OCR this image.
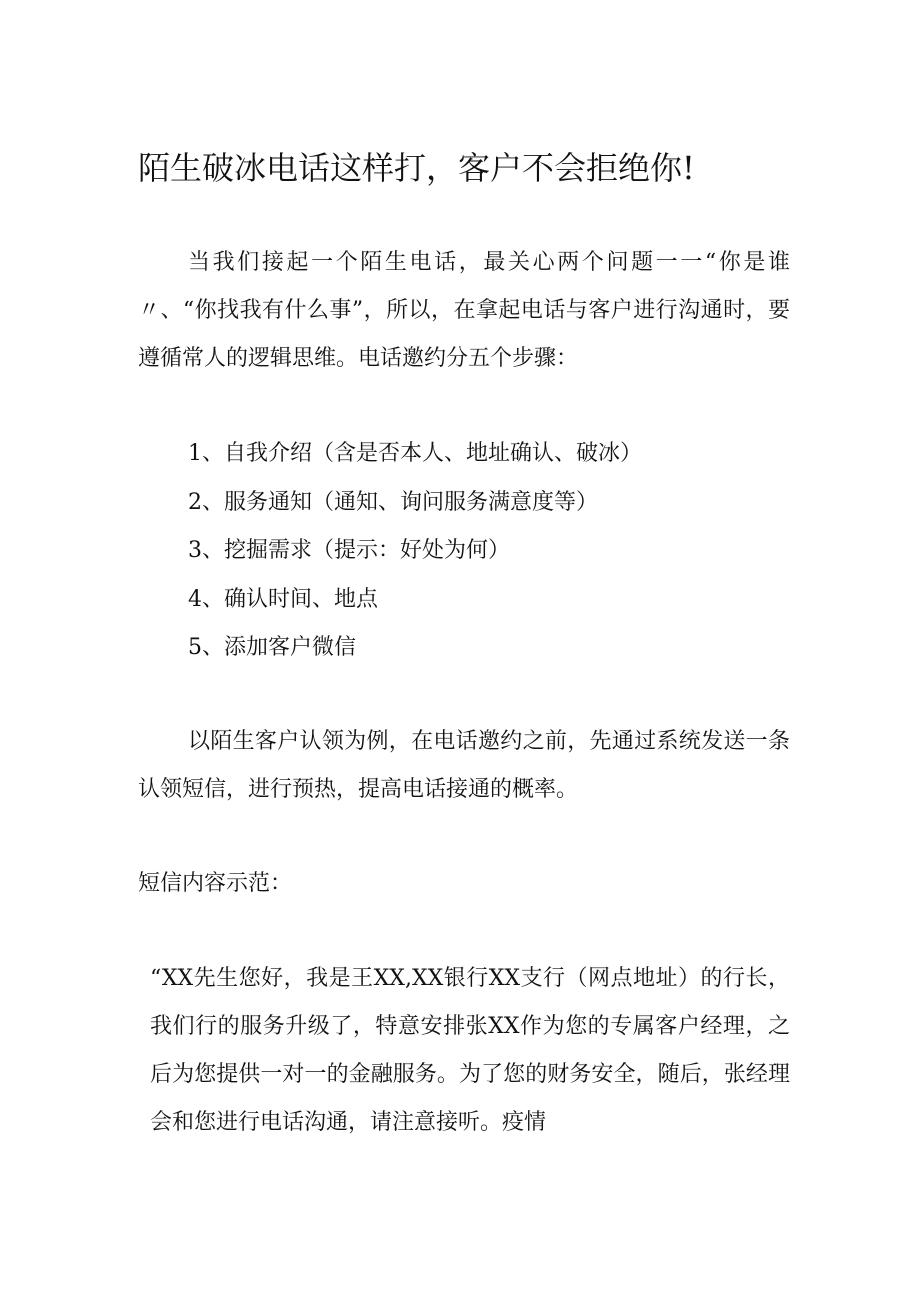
陌生破冰电话这样打，客户不会拒绝你!

当我们接起一个陌生电话，最关心两个问题一一“你是谁〃、“你找我有什么事”，所以，在拿起电话与客户进行沟通时，要遵循常人的逻辑思维。电话邀约分五个步骤：

1、自我介绍（含是否本人、地址确认、破冰）
2、服务通知（通知、询问服务满意度等）
3、挖掘需求（提示：好处为何）
4、确认时间、地点
5、添加客户微信

以陌生客户认领为例，在电话邀约之前，先通过系统发送一条认领短信，进行预热，提高电话接通的概率。

短信内容示范：

“XX先生您好，我是王XX,XX银行XX支行（网点地址）的行长，我们行的服务升级了，特意安排张XX作为您的专属客户经理，之后为您提供一对一的金融服务。为了您的财务安全，随后，张经理会和您进行电话沟通，请注意接听。疫情
